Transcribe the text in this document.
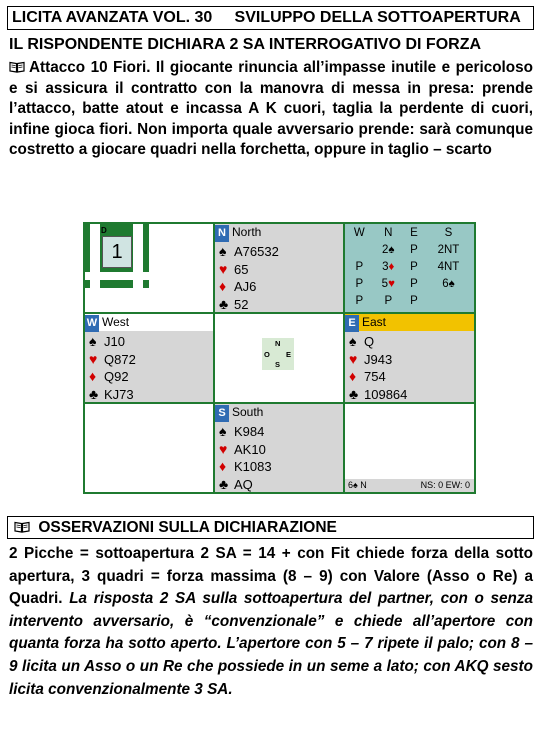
LICITA AVANZATA VOL. 30 SVILUPPO DELLA SOTTOAPERTURA
IL RISPONDENTE DICHIARA 2 SA INTERROGATIVO DI FORZA

Attacco 10 Fiori. Il giocante rinuncia all’impasse inutile e pericoloso e si assicura il contratto con la manovra di messa in presa: prende l’attacco, batte atout e incassa A K cuori, taglia la perdente di cuori, infine gioca fiori. Non importa quale avversario prende: sarà comunque costretto a giocare quadri nella forchetta, oppure in taglio – scarto

D
1
N North
♠ A76532
♥ 65
♦ AJ6
♣ 52
W	N	E	S
	2♠	P	2NT
P	3♦	P	4NT
P	5♥	P	6♠
P	P	P	
W West
♠ J10
♥ Q872
♦ Q92
♣ KJ73
N
O E
S
E East
♠ Q
♥ J943
♦ 754
♣ 109864
S South
♠ K984
♥ AK10
♦ K1083
♣ AQ	6♠ N	NS: 0 EW: 0
OSSERVAZIONI SULLA DICHIARAZIONE

2 Picche = sottoapertura 2 SA = 14 + con Fit chiede forza della sotto apertura, 3 quadri = forza massima (8 – 9) con Valore (Asso o Re) a Quadri. La risposta 2 SA sulla sottoapertura del partner, con o senza intervento avversario, è “convenzionale” e chiede all’apertore con quanta forza ha sotto aperto. L’apertore con 5 – 7 ripete il palo; con 8 – 9 licita un Asso o un Re che possiede in un seme a lato; con AKQ sesto licita convenzionalmente 3 SA.
